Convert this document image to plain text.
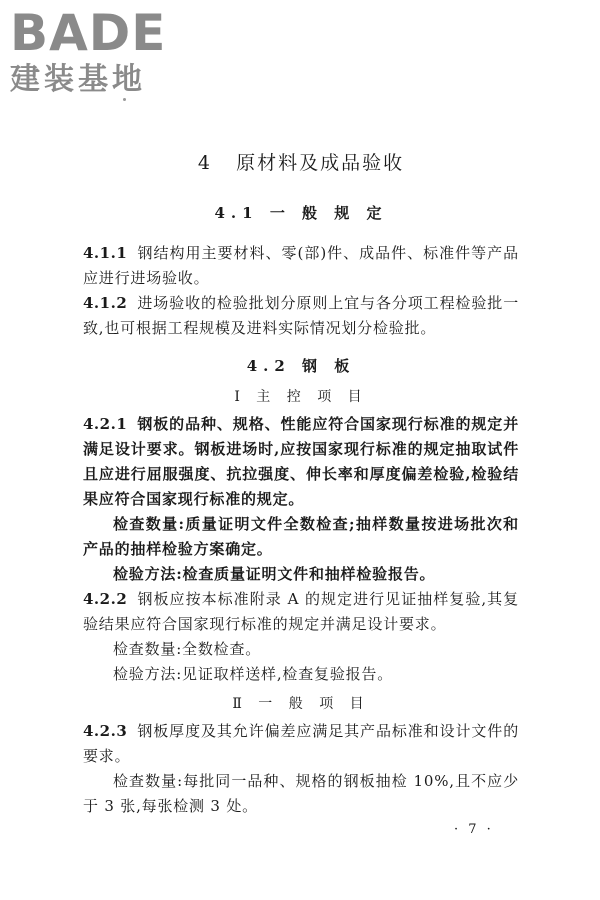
BADE
建装基地
4 原材料及成品验收
4.1 一 般 规 定

4.1.1 钢结构用主要材料、零(部)件、成品件、标准件等产品应进行进场验收。

4.1.2 进场验收的检验批划分原则上宜与各分项工程检验批一致,也可根据工程规模及进料实际情况划分检验批。

4.2 钢 板
Ⅰ 主 控 项 目

4.2.1 钢板的品种、规格、性能应符合国家现行标准的规定并满足设计要求。钢板进场时,应按国家现行标准的规定抽取试件且应进行屈服强度、抗拉强度、伸长率和厚度偏差检验,检验结果应符合国家现行标准的规定。

检查数量:质量证明文件全数检查;抽样数量按进场批次和产品的抽样检验方案确定。

检验方法:检查质量证明文件和抽样检验报告。

4.2.2 钢板应按本标准附录 A 的规定进行见证抽样复验,其复验结果应符合国家现行标准的规定并满足设计要求。

检查数量:全数检查。

检验方法:见证取样送样,检查复验报告。

Ⅱ 一 般 项 目

4.2.3 钢板厚度及其允许偏差应满足其产品标准和设计文件的要求。

检查数量:每批同一品种、规格的钢板抽检 10%,且不应少于 3 张,每张检测 3 处。

· 7 ·
